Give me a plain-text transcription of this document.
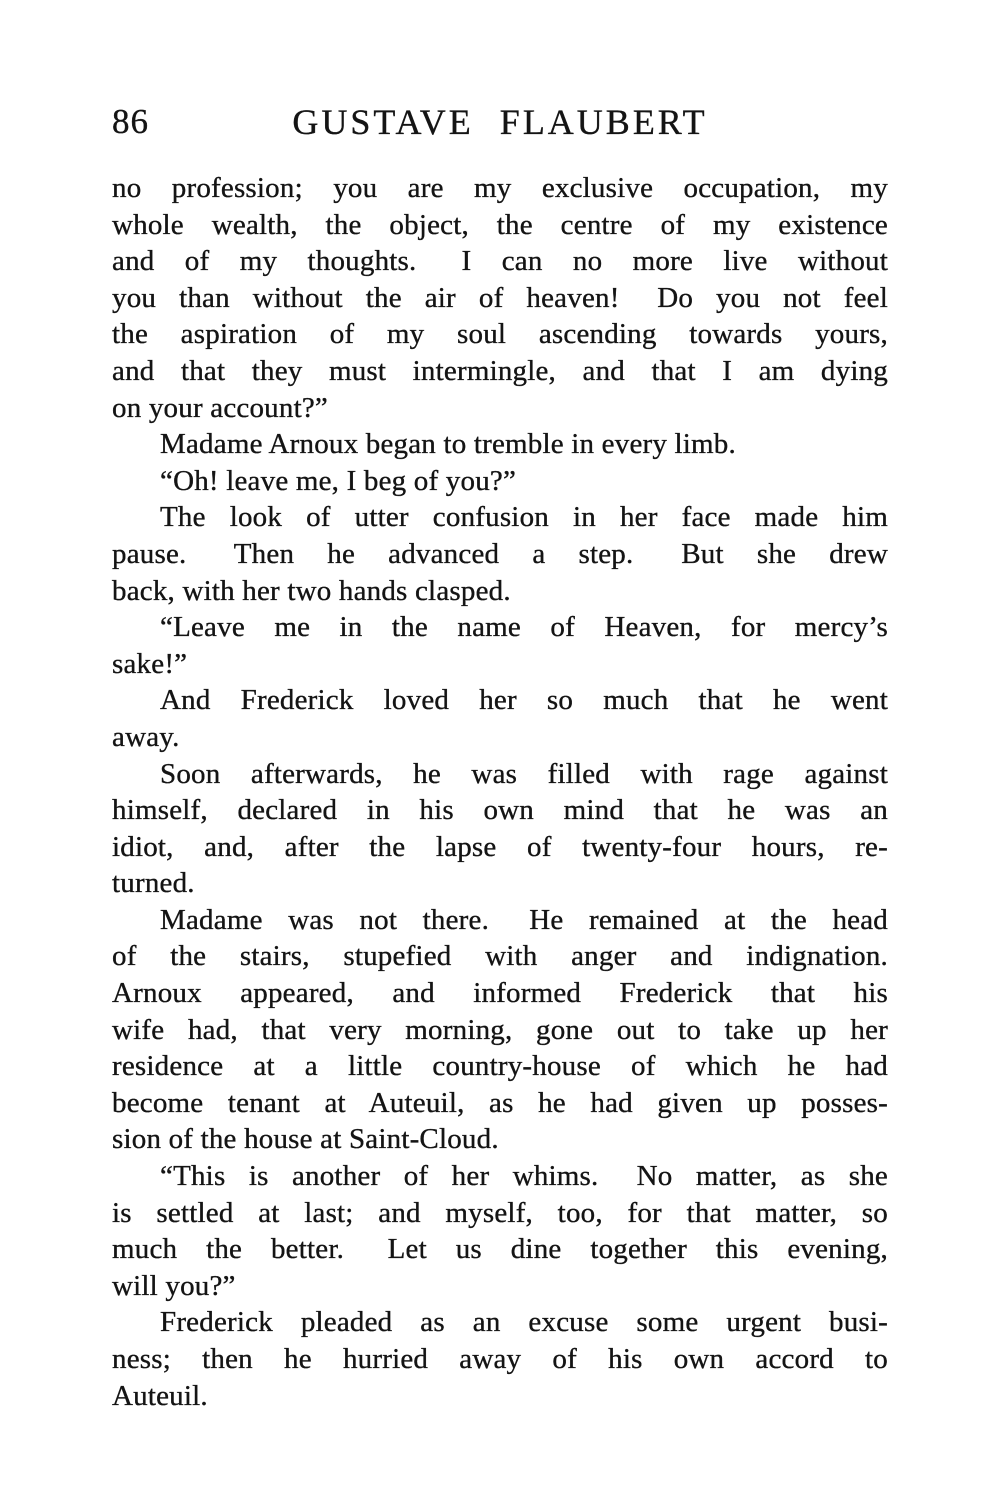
86	GUSTAVE FLAUBERT

no profession; you are my exclusive occupation, my
whole wealth, the object, the centre of my existence
and of my thoughts.  I can no more live without
you than without the air of heaven!  Do you not feel
the aspiration of my soul ascending towards yours,
and that they must intermingle, and that I am dying
on your account?”

Madame Arnoux began to tremble in every limb.

“Oh! leave me, I beg of you?”

The look of utter confusion in her face made him
pause.  Then he advanced a step.  But she drew
back, with her two hands clasped.

“Leave me in the name of Heaven, for mercy’s
sake!”

And Frederick loved her so much that he went
away.

Soon afterwards, he was filled with rage against
himself, declared in his own mind that he was an
idiot, and, after the lapse of twenty-four hours, re-
turned.

Madame was not there.  He remained at the head
of the stairs, stupefied with anger and indignation.
Arnoux appeared, and informed Frederick that his
wife had, that very morning, gone out to take up her
residence at a little country-house of which he had
become tenant at Auteuil, as he had given up posses-
sion of the house at Saint-Cloud.

“This is another of her whims.  No matter, as she
is settled at last; and myself, too, for that matter, so
much the better.  Let us dine together this evening,
will you?”

Frederick pleaded as an excuse some urgent busi-
ness; then he hurried away of his own accord to
Auteuil.
